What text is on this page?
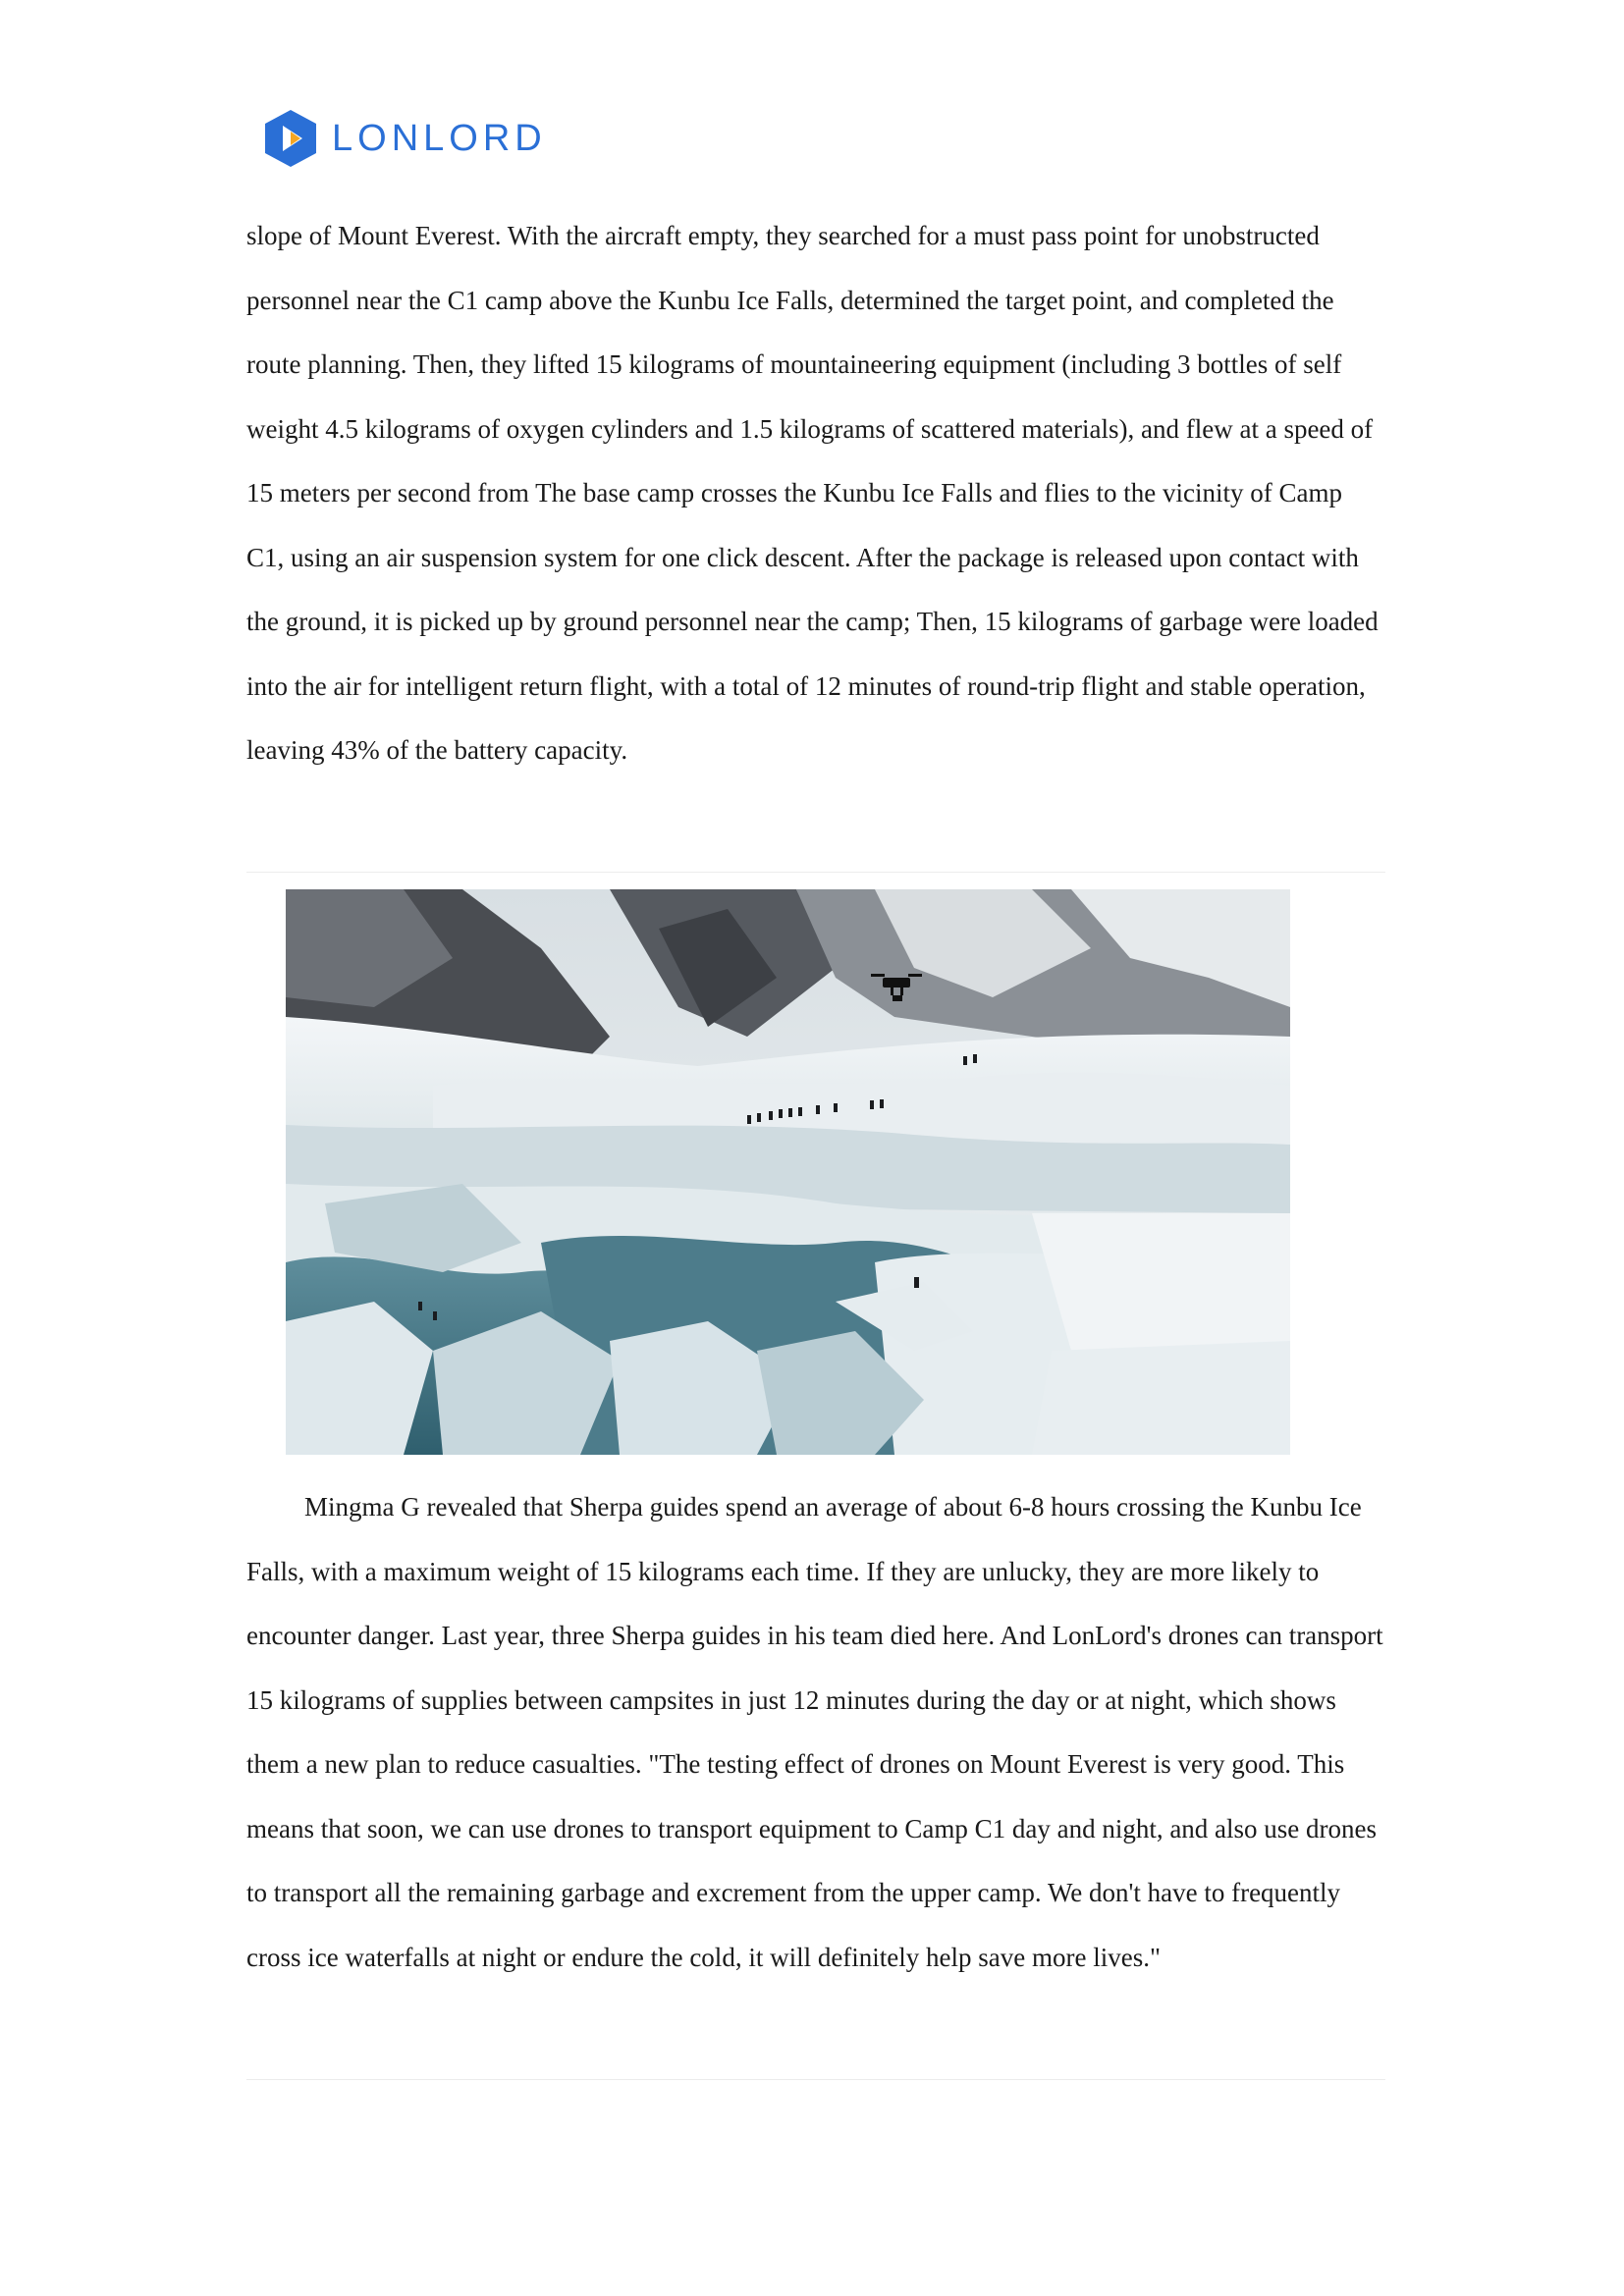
LONLORD

slope of Mount Everest. With the aircraft empty, they searched for a must pass point for unobstructed personnel near the C1 camp above the Kunbu Ice Falls, determined the target point, and completed the route planning. Then, they lifted 15 kilograms of mountaineering equipment (including 3 bottles of self weight 4.5 kilograms of oxygen cylinders and 1.5 kilograms of scattered materials), and flew at a speed of 15 meters per second from The base camp crosses the Kunbu Ice Falls and flies to the vicinity of Camp C1, using an air suspension system for one click descent. After the package is released upon contact with the ground, it is picked up by ground personnel near the camp; Then, 15 kilograms of garbage were loaded into the air for intelligent return flight, with a total of 12 minutes of round-trip flight and stable operation, leaving 43% of the battery capacity.

Mingma G revealed that Sherpa guides spend an average of about 6-8 hours crossing the Kunbu Ice Falls, with a maximum weight of 15 kilograms each time. If they are unlucky, they are more likely to encounter danger. Last year, three Sherpa guides in his team died here. And LonLord's drones can transport 15 kilograms of supplies between campsites in just 12 minutes during the day or at night, which shows them a new plan to reduce casualties. "The testing effect of drones on Mount Everest is very good. This means that soon, we can use drones to transport equipment to Camp C1 day and night, and also use drones to transport all the remaining garbage and excrement from the upper camp. We don't have to frequently cross ice waterfalls at night or endure the cold, it will definitely help save more lives."
